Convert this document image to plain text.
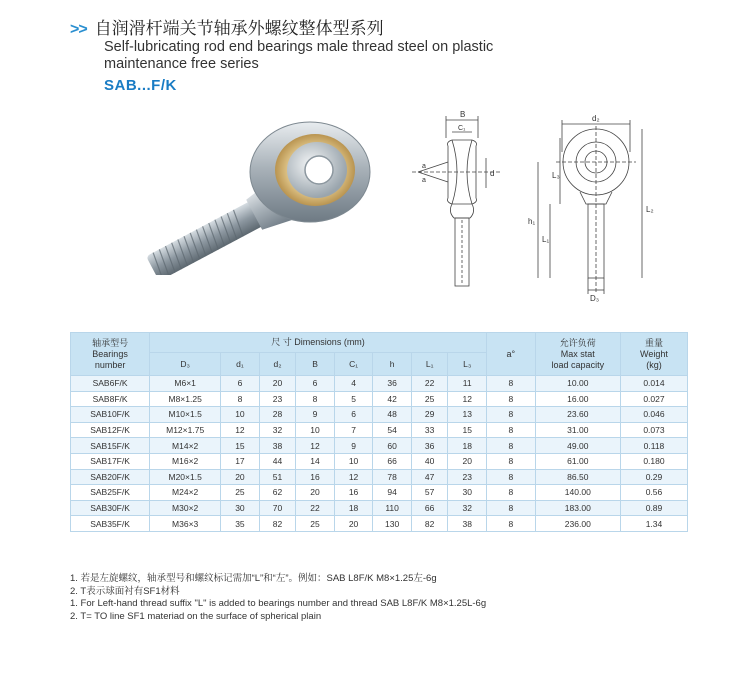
>> 自润滑杆端关节轴承外螺纹整体型系列
Self-lubricating rod end bearings male thread steel on plastic
maintenance free series
SAB...F/K
B
C₁
a
a
d
d₂
L₃
h₁
L₁
L₂
D₃
轴承型号
Bearings
number	尺 寸 Dimensions (mm)								a°	允许负荷
Max stat
load capacity	重量
Weight
(kg)

	D₃	d₁	d₂	B	C₁	h	L₁	L₃			
SAB6F/K	M6×1	6	20	6	4	36	22	11	8	10.00	0.014
SAB8F/K	M8×1.25	8	23	8	5	42	25	12	8	16.00	0.027
SAB10F/K	M10×1.5	10	28	9	6	48	29	13	8	23.60	0.046
SAB12F/K	M12×1.75	12	32	10	7	54	33	15	8	31.00	0.073
SAB15F/K	M14×2	15	38	12	9	60	36	18	8	49.00	0.118
SAB17F/K	M16×2	17	44	14	10	66	40	20	8	61.00	0.180
SAB20F/K	M20×1.5	20	51	16	12	78	47	23	8	86.50	0.29
SAB25F/K	M24×2	25	62	20	16	94	57	30	8	140.00	0.56
SAB30F/K	M30×2	30	70	22	18	110	66	32	8	183.00	0.89
SAB35F/K	M36×3	35	82	25	20	130	82	38	8	236.00	1.34
1. 若是左旋螺纹，轴承型号和螺纹标记需加“L”和“左”。例如：SAB L8F/K M8×1.25左-6g
2. T表示球面衬有SF1材料
1. For Left-hand thread suffix "L" is added to bearings number and thread SAB L8F/K M8×1.25L-6g
2. T= TO line SF1 materiad on the surface of spherical plain
